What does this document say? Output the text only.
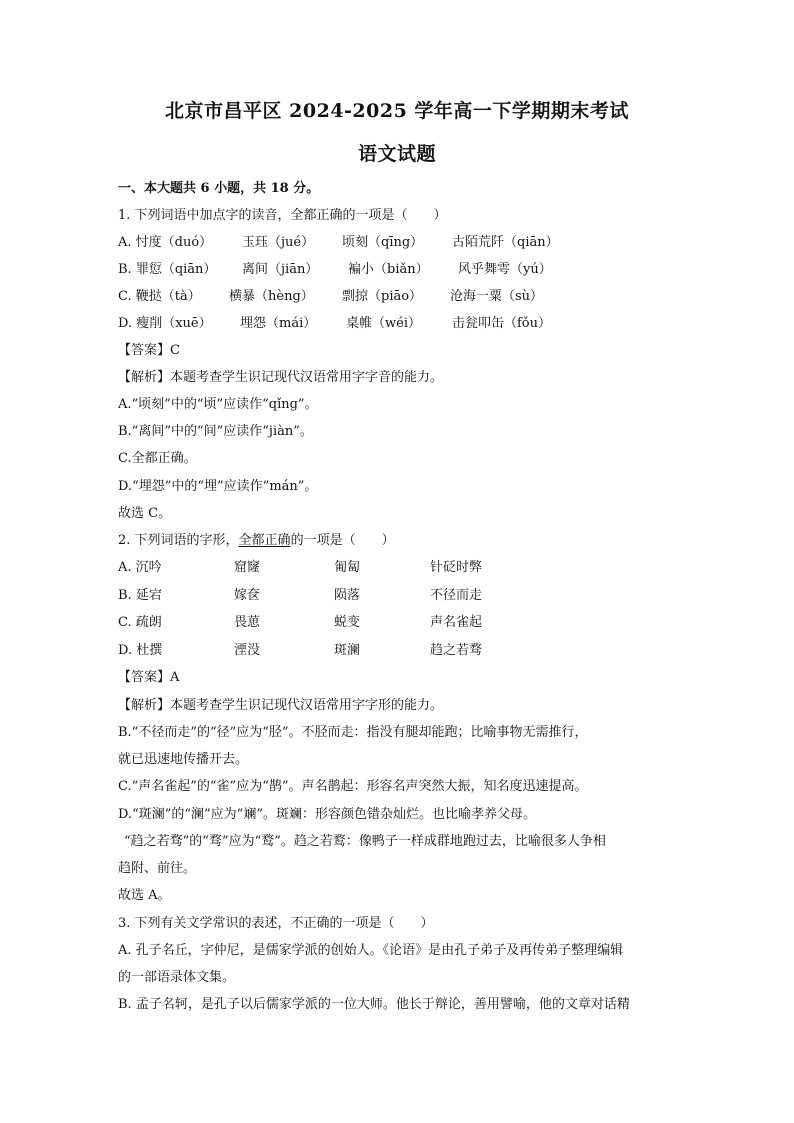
北京市昌平区 2024-2025 学年高一下学期期末考试
语文试题
一、本大题共 6 小题，共 18 分。
1. 下列词语中加点字的读音，全都正确的一项是（　　）
A. 忖度（duó） 玉珏（jué） 顷刻（qīng） 古陌荒阡（qiān）
B. 罪愆（qiān） 离间（jiān） 褊小（biǎn） 风乎舞雩（yú）
C. 鞭挞（tà） 横暴（hèng） 剽掠（piāo） 沧海一粟（sù）
D. 瘦削（xuē） 埋怨（mái） 桌帷（wéi） 击瓮叩缶（fǒu）
【答案】C
【解析】本题考查学生识记现代汉语常用字字音的能力。
A.“顷刻”中的“顷”应读作“qǐng”。
B.“离间”中的“间”应读作“jiàn”。
C.全都正确。
D.“埋怨”中的“埋”应读作“mán”。
故选 C。
2. 下列词语的字形，全都正确的一项是（　　）
A. 沉吟	窟窿	匍匐	针砭时弊
B. 延宕	嫁奁	陨落	不径而走
C. 疏朗	畏葸	蜕变	声名雀起
D. 杜撰	湮没	斑澜	趋之若骛
【答案】A
【解析】本题考查学生识记现代汉语常用字字形的能力。
B.“不径而走”的“径”应为“胫”。不胫而走：指没有腿却能跑；比喻事物无需推行，
就已迅速地传播开去。
C.“声名雀起”的“雀”应为“鹊”。声名鹊起：形容名声突然大振，知名度迅速提高。
D.“斑澜”的“澜”应为“斓”。斑斓：形容颜色错杂灿烂。也比喻孝养父母。
“趋之若骛”的“骛”应为“鹜”。趋之若鹜：像鸭子一样成群地跑过去，比喻很多人争相
趋附、前往。
故选 A。
3. 下列有关文学常识的表述，不正确的一项是（　　）
A. 孔子名丘，字仲尼，是儒家学派的创始人。《论语》是由孔子弟子及再传弟子整理编辑
的一部语录体文集。
B. 孟子名轲，是孔子以后儒家学派的一位大师。他长于辩论，善用譬喻，他的文章对话精
